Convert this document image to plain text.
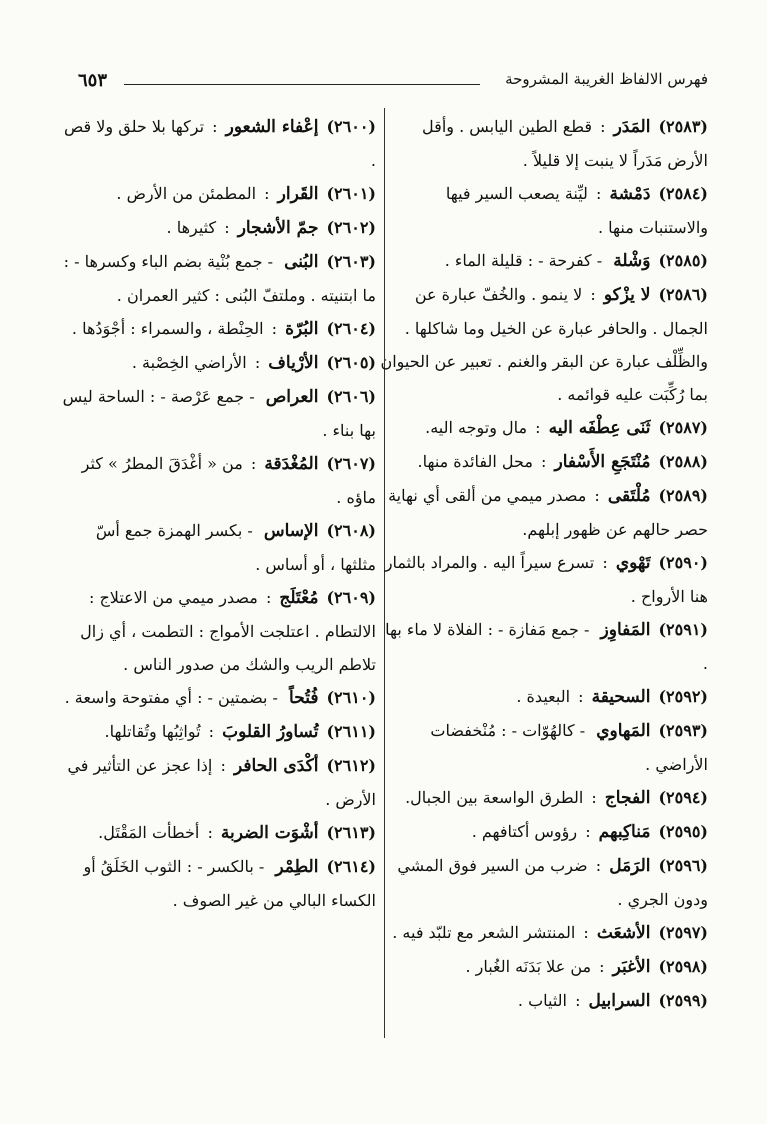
فهرس الالفاظ الغريبة المشروحة
٦٥٣

(٢٥٨٣)المَدَر : قطع الطين اليابس . وأقل الأرض مَدَراً لا ينبت إلا قليلاً .

(٢٥٨٤)دَمْشة : ليِّنة يصعب السير فيها والاستنبات منها .

(٢٥٨٥)وَشْلة - كفرحة - : قليلة الماء .

(٢٥٨٦)لا يزْكو : لا ينمو . والخُفّ عبارة عن الجمال . والحافر عبارة عن الخيل وما شاكلها . والظِّلْف عبارة عن البقر والغنم . تعبير عن الحيوان بما رُكِّبَت عليه قوائمه .

(٢٥٨٧)ثَنَى عِطْفَه اليه : مال وتوجه اليه.

(٢٥٨٨)مُنْتَجَعِ الأَسْفار : محل الفائدة منها.

(٢٥٨٩)مُلْتَقى : مصدر ميمي من ألقى أي نهاية حصر حالهم عن ظهور إبلهم.

(٢٥٩٠)تَهْوي : تسرع سيراً اليه . والمراد بالثمار هنا الأرواح .

(٢٥٩١)المَفاوِز - جمع مَفازة - : الفلاة لا ماء بها .

(٢٥٩٢)السحيقة : البعيدة .

(٢٥٩٣)المَهاوي - كالهُوّات - : مُنْخفضات الأراضي .

(٢٥٩٤)الفجاج : الطرق الواسعة بين الجبال.

(٢٥٩٥)مَناكِبهم : رؤوس أكتافهم .

(٢٥٩٦)الرَمَل : ضرب من السير فوق المشي ودون الجري .

(٢٥٩٧)الأشعَث : المنتشر الشعر مع تلبّد فيه .

(٢٥٩٨)الأغبَر : من علا بَدَنَه الغُبار .

(٢٥٩٩)السرابيل : الثياب .

(٢٦٠٠)إعْفاء الشعور : تركها بلا حلق ولا قص .

(٢٦٠١)القَرار : المطمئن من الأرض .

(٢٦٠٢)جمّ الأشجار : كثيرها .

(٢٦٠٣)البُنى - جمع بُنْية بضم الباء وكسرها - : ما ابتنيته . وملتفّ البُنى : كثير العمران .

(٢٦٠٤)البُرّة : الحِنْطة ، والسمراء : أجْوَدُها .

(٢٦٠٥)الأرْياف : الأراضي الخِصْبة .

(٢٦٠٦)العراص - جمع عَرْصة - : الساحة ليس بها بناء .

(٢٦٠٧)المُغْدَقة : من « أغْدَقَ المطرُ » كثر ماؤه .

(٢٦٠٨)الإساس - بكسر الهمزة جمع أسّ مثلثها ، أو أساس .

(٢٦٠٩)مُعْتَلَج : مصدر ميمي من الاعتلاج : الالتطام . اعتلجت الأمواج : التطمت ، أي زال تلاطم الريب والشك من صدور الناس .

(٢٦١٠)فُتُحاً - بضمتين - : أي مفتوحة واسعة .

(٢٦١١)تُساورُ القلوبَ : تُواثِبُها وتُقاتلها.

(٢٦١٢)أكْدَى الحافر : إذا عجز عن التأثير في الأرض .

(٢٦١٣)أشْوَت الضربة : أخطأت المَقْتَل.

(٢٦١٤)الطِمْر - بالكسر - : الثوب الخَلَقُ أو الكساء البالي من غير الصوف .
